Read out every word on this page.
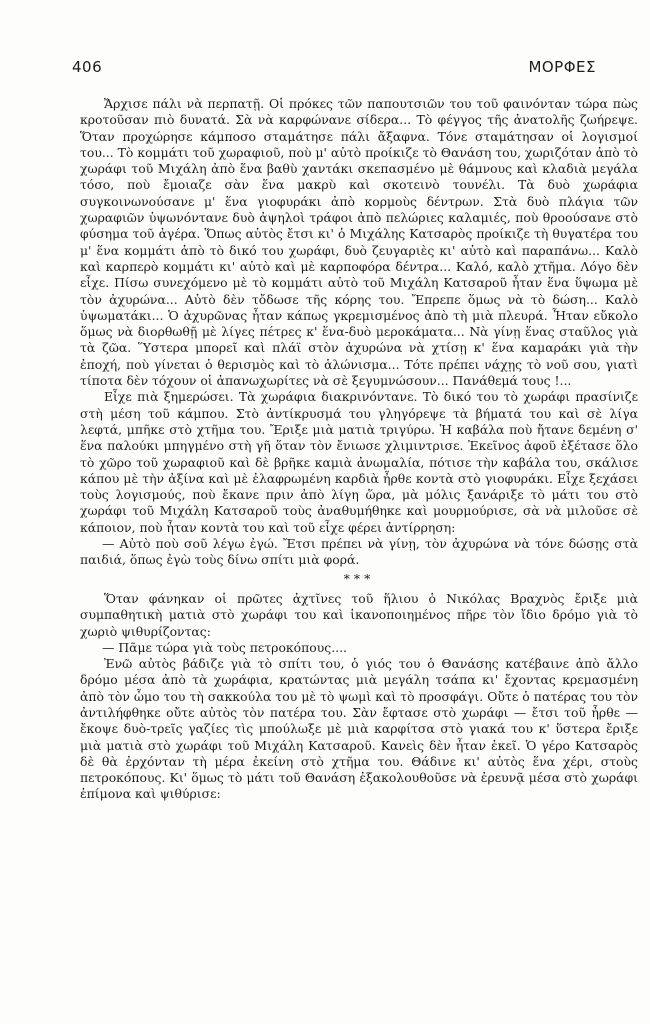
406	ΜΟΡΦΕΣ

Ἄρχισε πάλι νὰ περπατῇ. Οἱ πρόκες τῶν παπουτσιῶν του τοῦ φαινόνταν τώρα πὼς κροτοῦσαν πιὸ δυνατά. Σὰ νὰ καρφώνανε σίδερα... Τὸ φέγγος τῆς ἀνατολῆς ζωήρεψε. Ὅταν προχώρησε κάμποσο σταμάτησε πάλι ἄξαφνα. Τόνε σταμάτησαν οἱ λογισμοί του... Τὸ κομμάτι τοῦ χωραφιοῦ, ποὺ μ' αὐτὸ προίκιζε τὸ Θανάση του, χωριζόταν ἀπὸ τὸ χωράφι τοῦ Μιχάλη ἀπὸ ἕνα βαθὺ χαντάκι σκεπασμένο μὲ θάμνους καὶ κλαδιὰ μεγάλα τόσο, ποὺ ἔμοιαζε σὰν ἕνα μακρὺ καὶ σκοτεινὸ τουνέλι. Τὰ δυὸ χωράφια συγκοινωνούσανε μ' ἕνα γιοφυράκι ἀπὸ κορμοὺς δέντρων. Στὰ δυὸ πλάγια τῶν χωραφιῶν ὑψωνόντανε δυὸ ἀψηλοὶ τράφοι ἀπὸ πελώριες καλαμιές, ποὺ θροούσανε στὸ φύσημα τοῦ ἀγέρα. Ὅπως αὐτὸς ἔτσι κι' ὁ Μιχάλης Κατσαρὸς προίκιζε τὴ θυγατέρα του μ' ἕνα κομμάτι ἀπὸ τὸ δικό του χωράφι, δυὸ ζευγαριὲς κι' αὐτὸ καὶ παραπάνω... Καλὸ καὶ καρπερὸ κομμάτι κι' αὐτὸ καὶ μὲ καρποφόρα δέντρα... Καλό, καλὸ χτῆμα. Λόγο δὲν εἶχε. Πίσω συνεχόμενο μὲ τὸ κομμάτι αὐτὸ τοῦ Μιχάλη Κατσαροῦ ἦταν ἕνα ὕψωμα μὲ τὸν ἀχυρώνα... Αὐτὸ δὲν τὄδωσε τῆς κόρης του. Ἔπρεπε ὅμως νὰ τὸ δώση... Καλὸ ὑψωματάκι... Ὁ ἀχυρῶνας ἦταν κάπως γκρεμισμένος ἀπὸ τὴ μιὰ πλευρά. Ἦταν εὔκολο ὅμως νὰ διορθωθῇ μὲ λίγες πέτρες κ' ἕνα-δυὸ μεροκάματα... Νὰ γίνῃ ἕνας σταῦλος γιὰ τὰ ζῶα. Ὕστερα μπορεῖ καὶ πλάϊ στὸν ἀχυρώνα νὰ χτίσῃ κ' ἕνα καμαράκι γιὰ τὴν ἐποχή, ποὺ γίνεται ὁ θερισμὸς καὶ τὸ ἁλώνισμα... Τότε πρέπει νάχῃς τὸ νοῦ σου, γιατὶ τίποτα δὲν τόχουν οἱ ἀπανωχωρίτες νὰ σὲ ξεγυμνώσουν... Πανάθεμά τους !...

Εἶχε πιὰ ξημερώσει. Τὰ χωράφια διακρινόντανε. Τὸ δικό του τὸ χωράφι πρασίνιζε στὴ μέση τοῦ κάμπου. Στὸ ἀντίκρυσμά του γληγόρεψε τὰ βήματά του καὶ σὲ λίγα λεφτά, μπῆκε στὸ χτῆμα του. Ἔριξε μιὰ ματιὰ τριγύρω. Ἡ καβάλα ποὺ ἤτανε δεμένη σ' ἕνα παλούκι μπηγμένο στὴ γῆ ὅταν τὸν ἔνιωσε χλιμιντρισε. Ἐκεῖνος ἀφοῦ ἐξέτασε ὅλο τὸ χῶρο τοῦ χωραφιοῦ καὶ δὲ βρῆκε καμιὰ ἀνωμαλία, πότισε τὴν καβάλα του, σκάλισε κάπου μὲ τὴν ἀξίνα καὶ μὲ ἐλαφρωμένη καρδιὰ ἦρθε κοντὰ στὸ γιοφυράκι. Εἶχε ξεχάσει τοὺς λογισμούς, ποὺ ἔκανε πριν ἀπὸ λίγη ὥρα, μὰ μόλις ξανάριξε τὸ μάτι του στὸ χωράφι τοῦ Μιχάλη Κατσαροῦ τοὺς ἀναθυμήθηκε καὶ μουρμούρισε, σὰ νὰ μιλοῦσε σὲ κάποιον, ποὺ ἦταν κοντὰ του καὶ τοῦ εἶχε φέρει ἀντίρρηση:

— Αὐτὸ ποὺ σοῦ λέγω ἐγώ. Ἔτσι πρέπει νὰ γίνῃ, τὸν ἀχυρώνα νὰ τόνε δώσῃς στὰ παιδιά, ὅπως ἐγὼ τοὺς δίνω σπίτι μιὰ φορά.

***

Ὅταν φάνηκαν οἱ πρῶτες ἀχτῖνες τοῦ ἥλιου ὁ Νικόλας Βραχνὸς ἔριξε μιὰ συμπαθητικὴ ματιὰ στὸ χωράφι του καὶ ἱκανοποιημένος πῆρε τὸν ἴδιο δρόμο γιὰ τὸ χωριὸ ψιθυρίζοντας:

— Πᾶμε τώρα γιὰ τοὺς πετροκόπους....

Ἐνῶ αὐτὸς βάδιζε γιὰ τὸ σπίτι του, ὁ γιός του ὁ Θανάσης κατέβαινε ἀπὸ ἄλλο δρόμο μέσα ἀπὸ τὰ χωράφια, κρατώντας μιὰ μεγάλη τσάπα κι' ἔχοντας κρεμασμένη ἀπὸ τὸν ὦμο του τὴ σακκούλα του μὲ τὸ ψωμὶ καὶ τὸ προσφάγι. Οὔτε ὁ πατέρας του τὸν ἀντιλήφθηκε οὔτε αὐτὸς τὸν πατέρα του. Σὰν ἔφτασε στὸ χωράφι — ἔτσι τοῦ ἦρθε — ἔκοψε δυὸ-τρεῖς γαζίες τὶς μπούλωξε μὲ μιὰ καρφίτσα στὸ γιακά του κ' ὕστερα ἔριξε μιὰ ματιὰ στὸ χωράφι τοῦ Μιχάλη Κατσαροῦ. Κανεὶς δὲν ἦταν ἐκεῖ. Ὁ γέρο Κατσαρὸς δὲ θὰ ἐρχόνταν τὴ μέρα ἐκείνη στὸ χτῆμα του. Θάδινε κι' αὐτὸς ἕνα χέρι, στοὺς πετροκόπους. Κι' ὅμως τὸ μάτι τοῦ Θανάση ἐξακολουθοῦσε νὰ ἐρευνᾷ μέσα στὸ χωράφι ἐπίμονα καὶ ψιθύρισε:
